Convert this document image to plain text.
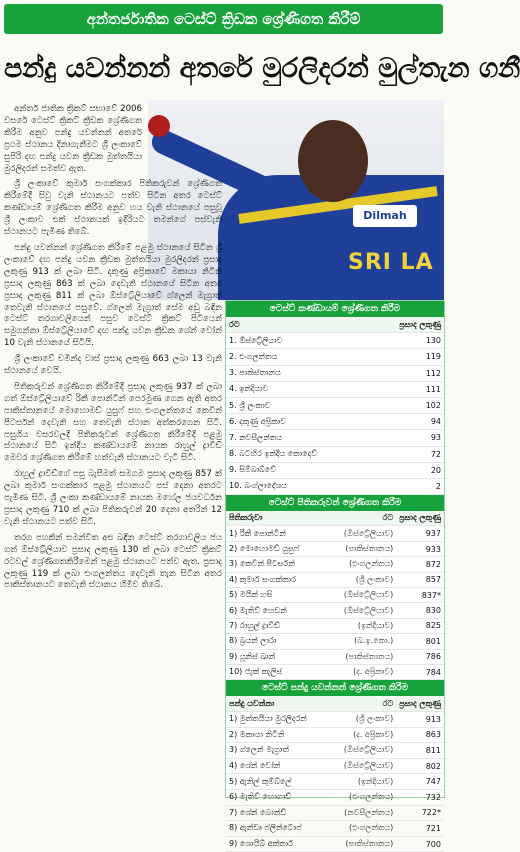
අන්තර්ජාතික ටෙස්ට් ක්‍රිඩක ශ්‍රේණිගත කිරීම්
පන්දු යවන්නන් අතරේ මුරලිදරන් මුල්තැන ගනී
Dilmah
SRI LA

අන්තර් ජාතික ක්‍රිකට් සභාවේ 2006 වසරේ ටෙස්ට් ක්‍රිකට් ක්‍රීඩක ශ්‍රේණිගත කිරීම අනුව පන්දු යවන්නන් අතරේ ප්‍රථම ස්ථානය දිනාගැනීමට ශ්‍රී ලංකාවේ සුපිරි දඟ පන්දු යවන ක්‍රීඩක මුත්තයියා මුරලිදරන් සමත්ව ඇත.

ශ්‍රී ලංකාවේ කුමාර් සංගක්කාර පිතිකරුවන් ශ්‍රේණිගත කිරීමේදී සිවු වැනි ස්ථානයට පත්ව සිටින අතර ටෙස්ට් කණ්ඩායම් ශ්‍රේණිගත කිරීම අනුව හය වැනි ස්ථානයේ පසුවූ ශ්‍රී ලංකාව එක් ස්ථානයක් ඉදිරියට තමන්ගේ පස්වැනි ස්ථානයට පැමිණ තිබේ.

පන්දු යවන්නන් ශ්‍රේණිගත කිරීමේ පළමු ස්ථානයේ සිටින ශ්‍රී ලංකාවේ දඟ පන්දු යවන ක්‍රීඩක මුත්තයියා මුරලිදරන් ප්‍රසාද ලකුණු 913 ක් ලබා සිටී. දකුණු අප්‍රිකාවේ මකායා නිටිනි ප්‍රසාද ලකුණු 863 ක් ලබා දෙවැනි ස්ථානයේ සිටින අතර ප්‍රසාද ලකුණු 811 ක් ලබා ඕස්ට්‍රේලියාවේ ග්ලෙන් මැග්‍රාත් තෙවැනි ස්ථානයේ පසුවේ. ග්ලෙන් මැග්‍රාත් සේම අඩු බඳින ටෙස්ට් තරගාවලියෙන් පසුව ටෙස්ට් ක්‍රිකට් පිටියෙන් සමුගන්නා ඕස්ට්‍රේලියාවේ දඟ පන්දු යවන ක්‍රීඩක ශේන් වෝන් 10 වැනි ස්ථානයේ සිටියි.

ශ්‍රී ලංකාවේ චමින්ද වාස් ප්‍රසාද ලකුණු 663 ලබා 13 වැනි ස්ථානයේ වෙයි.

පිතිකරුවන් ශ්‍රේණිගත කිරීමේදී ප්‍රසාද ලකුණු 937 ක් ලබා ගත් ඕස්ට්‍රේලියාවේ රිකී පොන්ටින් පෙරමුණ ගෙන ඇති අතර පාකිස්තානයේ මොහොමඩ් යුසුෆ් සහ එංගලන්තයේ කෙවින් පීටර්සන් දෙවැනි සහ තෙවැනි ස්ථාන අත්කරගෙන සිටී. පසුගිය වසරවලදී පිතිකරුවන් ශ්‍රේණිගත කිරීමේදී පළමු ස්ථානයේ සිටි ඉන්දීය කණ්ඩායමේ නායක රාහුල් ද්‍රාවිඩ් මෙවර ශ්‍රේණිගත කිරීමේ හත්වැනි ස්ථානයට වැටී සිටී.

රාහුල් ද්‍රාවිඩ්ගේ පසු බැසීමත් සමගම ප්‍රසාද ලකුණු 857 ක් ලබා කුමාර් සංගක්කාර පළමු ස්ථානයට පස් දෙනා අතරට පැමිණ සිටී. ශ්‍රී ලංකා කණ්ඩායමේ නායක මහේල ජයවර්ධන ප්‍රසාද ලකුණු 710 ක් ලබා පිතිකරුවන් 20 දෙනා අතරින් 12 වැනි ස්ථානයට පත්ව සිටී.

තරග පහකින් සමන්විත අළු බඳින ටෙස්ට් තරගාවලිය ජය ගත් ඕස්ට්‍රේලියාව ප්‍රසාද ලකුණු 130 ක් ලබා ටෙස්ට් ක්‍රිකට් රටවල් ශ්‍රේණිගතකිරීමෙන් පළමු ස්ථානයට පත්ව ඇත. ප්‍රසාද ලකුණු 119 ක් ලබා එංගලන්තය දෙවැනි තැන සිටින අතර පාකිස්තානයට තෙවැනි ස්ථානය හිමිව තිබේ.

ටෙස්ට් කණ්ඩායම් ශ්‍රේණිගත කිරීම
රට	ප්‍රසාද ලකුණු
1. ඕස්ට්‍රේලියාව	130
2. එංගලන්තය	119
3. පාකිස්තානය	112
4. ඉන්දියාව	111
5. ශ්‍රී ලංකාව	102
6. දකුණු අප්‍රිකාව	94
7. නවසීලන්තය	93
8. බටහිර ඉන්දීය කොදෙව්	72
9. සිම්බාබ්වේ	20
10. බංග්ලාදේශය	2
ටෙස්ට් පිතිකරුවන් ශ්‍රේණිගත කිරීම
පිතිකරුවා	රට	ප්‍රසාද ලකුණු
1) රිකී පොන්ටින්	(ඕස්ට්‍රේලියාව)	937
2) මොහොමඩ් යුසුෆ්	(පාකිස්තානය)	933
3) කෙවින් පීටර්සන්	(එංගලන්තය)	872
4) කුමාර් සංගක්කාර	(ශ්‍රී ලංකාව)	857
5) මයික් හසි	(ඕස්ට්‍රේලියාව)	837*
6) මැතිව් හෙඩන්	(ඕස්ට්‍රේලියාව)	830
7) රාහුල් ද්‍රාවිඩ්	(ඉන්දියාව)	825
8) බ්‍රයන් ලාරා	(බ.ඉ.කො.)	801
9) යූනිස් ඛාන්	(පාකිස්තානය)	786
10) ජැක් කැලිස්	(ද. අප්‍රිකාව)	784
ටෙස්ට් පන්දු යවන්නන් ශ්‍රේණිගත කිරීම
පන්දු යවන්නා	රට	ප්‍රසාද ලකුණු
1) මුත්තයියා මුරලිදරන්	(ශ්‍රී ලංකාව)	913
2) මකායා නිටිනි	(ද. අප්‍රිකාව)	863
3) ග්ලෙන් මැග්‍රාත්	(ඕස්ට්‍රේලියාව)	811
4) ශේන් වෝන්	(ඕස්ට්‍රේලියාව)	802
5) ඇනිල් කුම්බ්ලේ	(ඉන්දියාව)	747
6) මැතිව් හොගාඩ්	(එංගලන්තය)	732
7) ශේන් බොන්ඩ්	(නවසීලන්තය)	722*
8) ඇන්ඩෘ ෆ්ලින්ටොෆ්	(එංගලන්තය)	721
9) ශොයිබ් අක්තාර්	(පාකිස්තානය)	700
